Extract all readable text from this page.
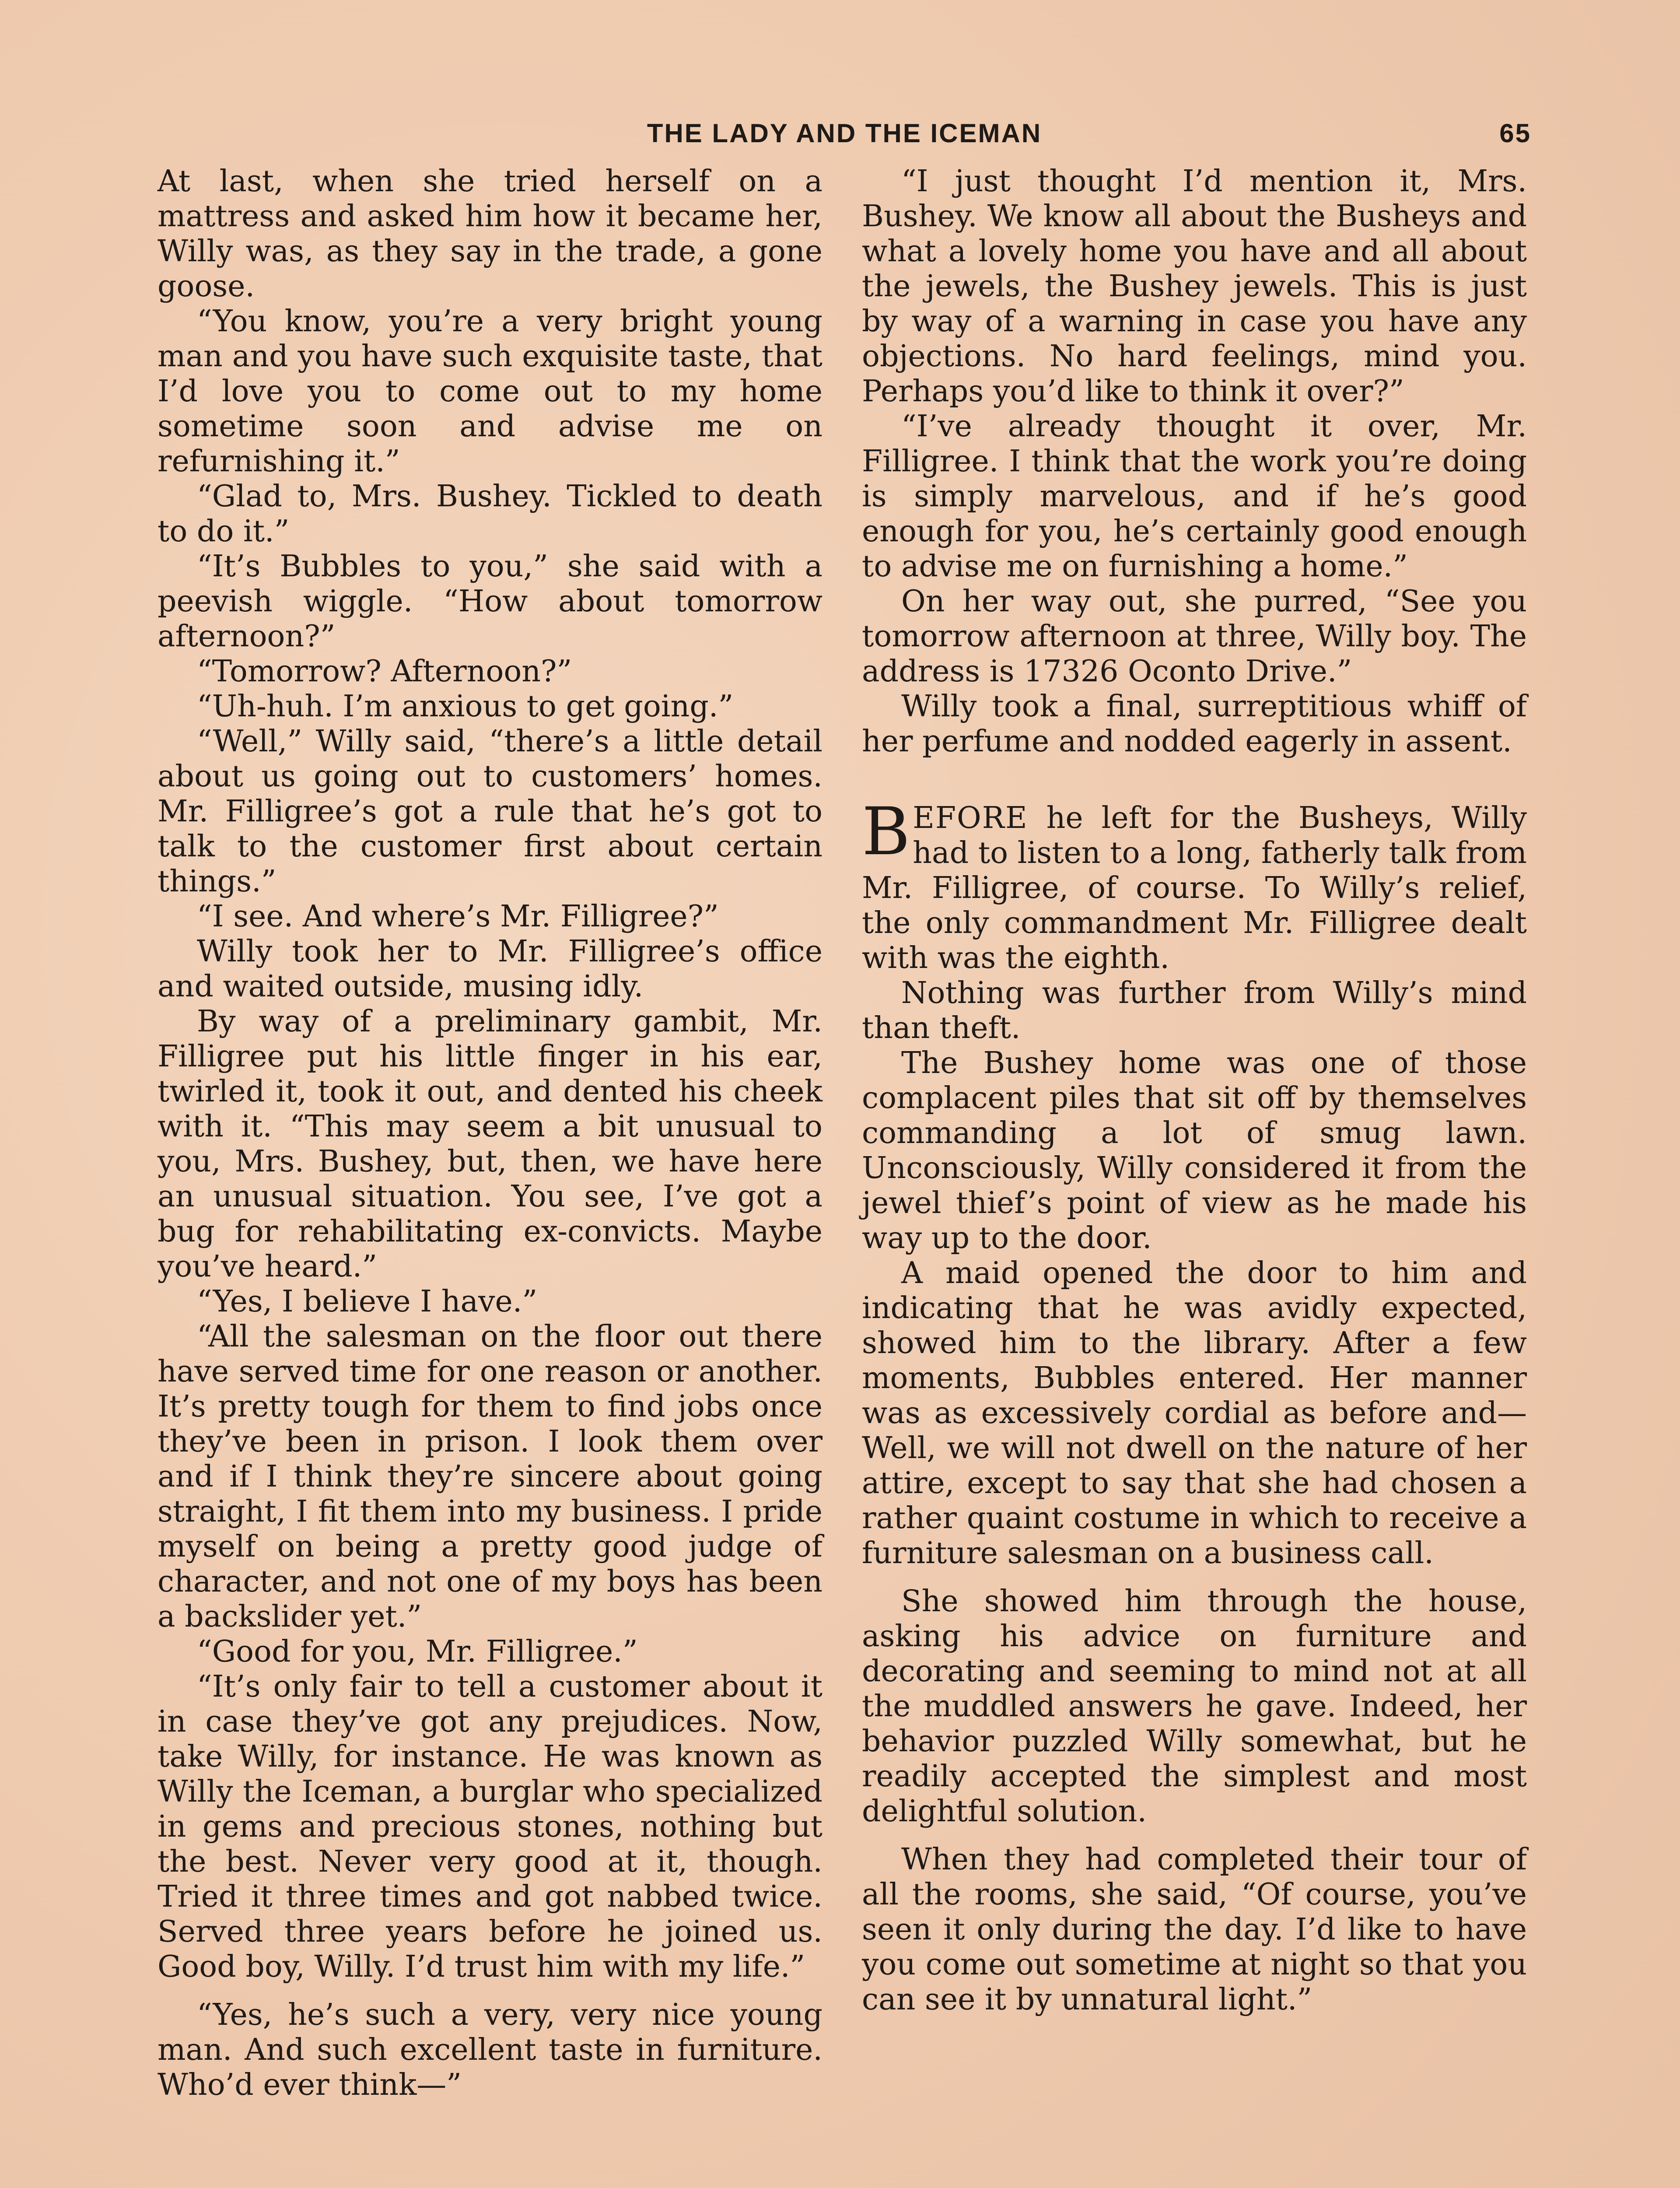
THE LADY AND THE ICEMAN	65

At last, when she tried herself on a mattress and asked him how it became her, Willy was, as they say in the trade, a gone goose.

“You know, you’re a very bright young man and you have such exquisite taste, that I’d love you to come out to my home sometime soon and advise me on refurnishing it.”

“Glad to, Mrs. Bushey. Tickled to death to do it.”

“It’s Bubbles to you,” she said with a peevish wiggle. “How about tomorrow afternoon?”

“Tomorrow? Afternoon?”

“Uh-huh. I’m anxious to get going.”

“Well,” Willy said, “there’s a little detail about us going out to customers’ homes. Mr. Filligree’s got a rule that he’s got to talk to the customer first about certain things.”

“I see. And where’s Mr. Filligree?”

Willy took her to Mr. Filligree’s office and waited outside, musing idly.

By way of a preliminary gambit, Mr. Filligree put his little finger in his ear, twirled it, took it out, and dented his cheek with it. “This may seem a bit unusual to you, Mrs. Bushey, but, then, we have here an unusual situation. You see, I’ve got a bug for rehabilitating ex-convicts. Maybe you’ve heard.”

“Yes, I believe I have.”

“All the salesman on the floor out there have served time for one reason or another. It’s pretty tough for them to find jobs once they’ve been in prison. I look them over and if I think they’re sincere about going straight, I fit them into my business. I pride myself on being a pretty good judge of character, and not one of my boys has been a backslider yet.”

“Good for you, Mr. Filligree.”

“It’s only fair to tell a customer about it in case they’ve got any prejudices. Now, take Willy, for instance. He was known as Willy the Iceman, a burglar who specialized in gems and precious stones, nothing but the best. Never very good at it, though. Tried it three times and got nabbed twice. Served three years before he joined us. Good boy, Willy. I’d trust him with my life.”

“Yes, he’s such a very, very nice young man. And such excellent taste in furniture. Who’d ever think—”

“I just thought I’d mention it, Mrs. Bushey. We know all about the Busheys and what a lovely home you have and all about the jewels, the Bushey jewels. This is just by way of a warning in case you have any objections. No hard feelings, mind you. Perhaps you’d like to think it over?”

“I’ve already thought it over, Mr. Filligree. I think that the work you’re doing is simply marvelous, and if he’s good enough for you, he’s certainly good enough to advise me on furnishing a home.”

On her way out, she purred, “See you tomorrow afternoon at three, Willy boy. The address is 17326 Oconto Drive.”

Willy took a final, surreptitious whiff of her perfume and nodded eagerly in assent.

BEFORE he left for the Busheys, Willy had to listen to a long, fatherly talk from Mr. Filligree, of course. To Willy’s relief, the only commandment Mr. Filligree dealt with was the eighth.

Nothing was further from Willy’s mind than theft.

The Bushey home was one of those complacent piles that sit off by themselves commanding a lot of smug lawn. Unconsciously, Willy considered it from the jewel thief’s point of view as he made his way up to the door.

A maid opened the door to him and indicating that he was avidly expected, showed him to the library. After a few moments, Bubbles entered. Her manner was as excessively cordial as before and— Well, we will not dwell on the nature of her attire, except to say that she had chosen a rather quaint costume in which to receive a furniture salesman on a business call.

She showed him through the house, asking his advice on furniture and decorating and seeming to mind not at all the muddled answers he gave. Indeed, her behavior puzzled Willy somewhat, but he readily accepted the simplest and most delightful solution.

When they had completed their tour of all the rooms, she said, “Of course, you’ve seen it only during the day. I’d like to have you come out sometime at night so that you can see it by unnatural light.”
